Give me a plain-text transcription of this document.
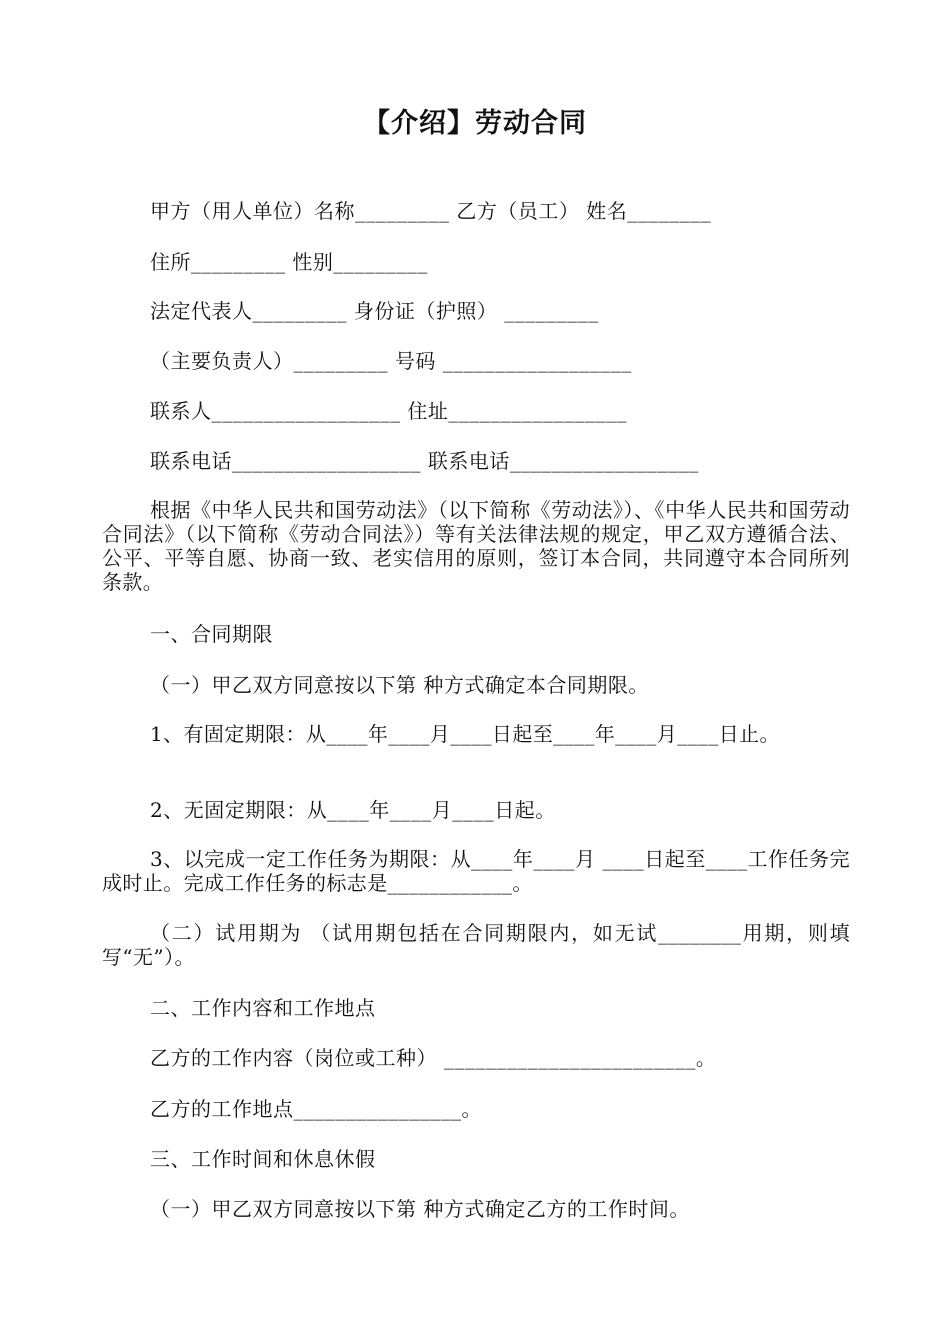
【介绍】劳动合同

甲方（用人单位）名称_________ 乙方（员工） 姓名________

住所_________ 性别_________

法定代表人_________ 身份证（护照） _________

（主要负责人）_________ 号码 __________________

联系人__________________ 住址_________________

联系电话__________________ 联系电话__________________

根据《中华人民共和国劳动法》（以下简称《劳动法》）、《中华人民共和国劳动合同法》（以下简称《劳动合同法》）等有关法律法规的规定，甲乙双方遵循合法、公平、平等自愿、协商一致、老实信用的原则，签订本合同，共同遵守本合同所列条款。

一、合同期限

（一）甲乙双方同意按以下第 种方式确定本合同期限。

1、有固定期限：从____年____月____日起至____年____月____日止。

2、无固定期限：从____年____月____日起。

3、以完成一定工作任务为期限：从____年____月 ____日起至____工作任务完成时止。完成工作任务的标志是____________。

（二）试用期为 （试用期包括在合同期限内，如无试________用期，则填写“无”）。

二、工作内容和工作地点

乙方的工作内容（岗位或工种） ________________________。

乙方的工作地点________________。

三、工作时间和休息休假

（一）甲乙双方同意按以下第 种方式确定乙方的工作时间。
